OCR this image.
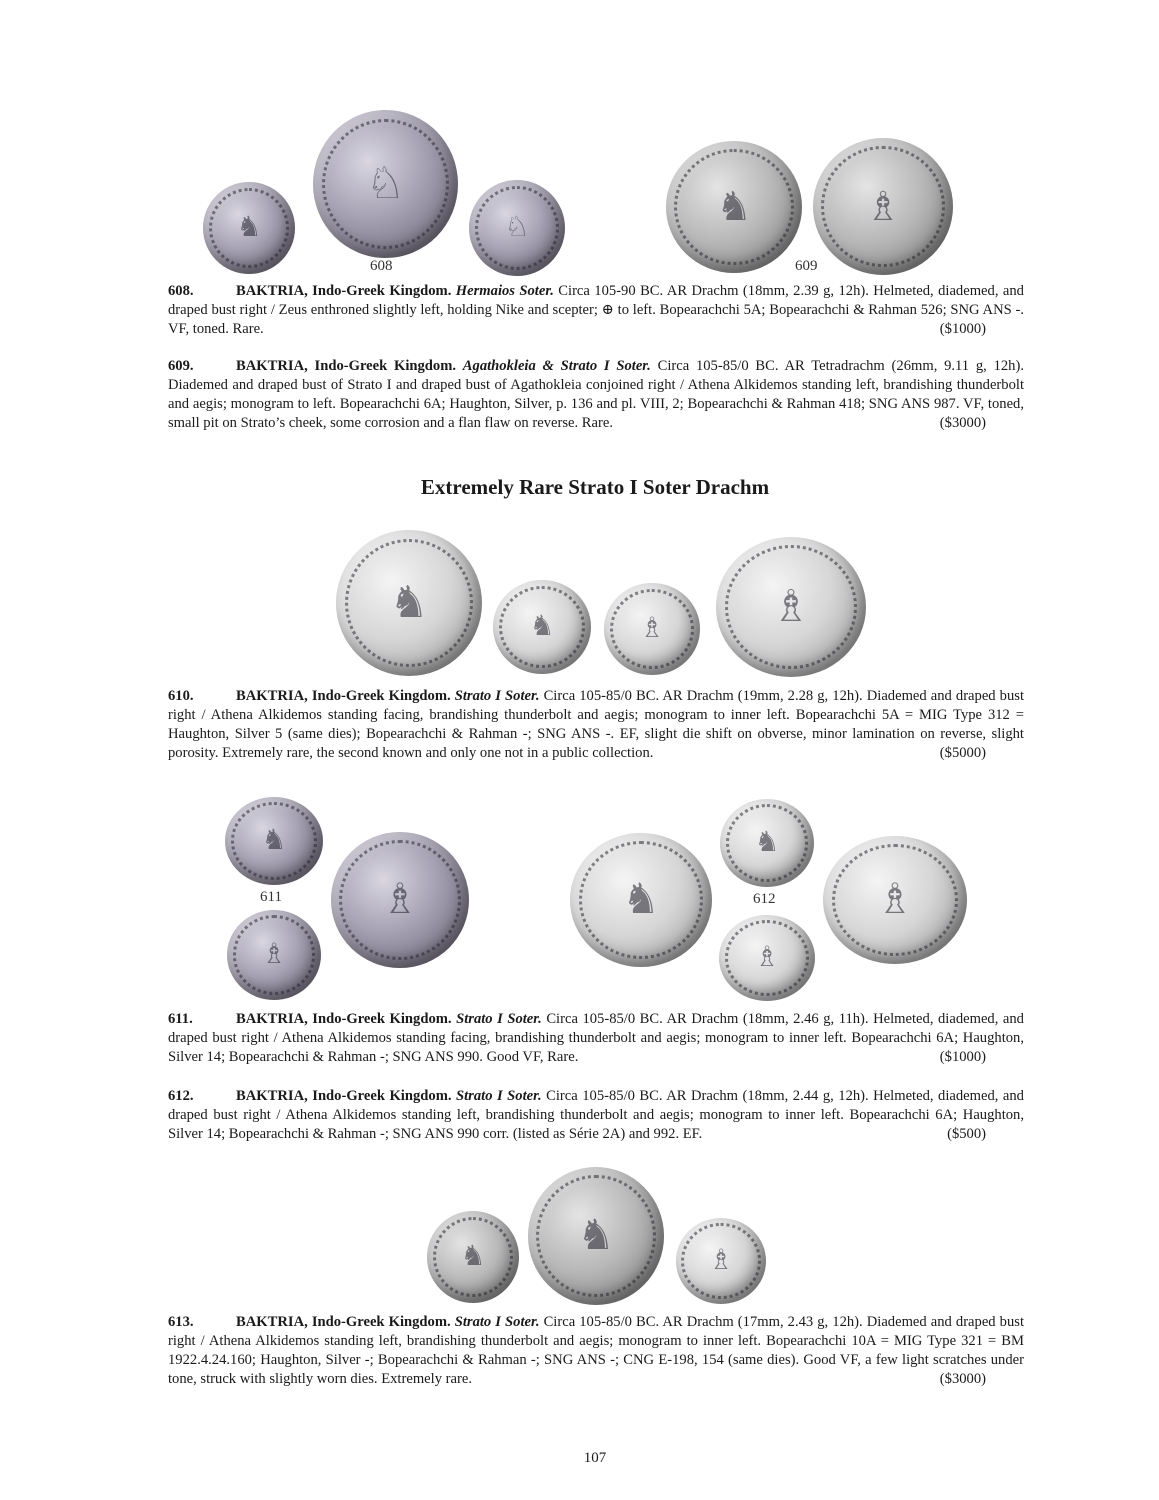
♞
♘
♘
608
♞	♗
609
608.	BAKTRIA, Indo-Greek Kingdom. Hermaios Soter. Circa 105-90 BC. AR Drachm (18mm, 2.39 g, 12h). Helmeted, diademed, and draped bust right / Zeus enthroned slightly left, holding Nike and scepter; ⊕ to left. Bopearachchi 5A; Bopearachchi & Rahman 526; SNG ANS -. VF, toned. Rare.	($1000)
609.	BAKTRIA, Indo-Greek Kingdom. Agathokleia & Strato I Soter. Circa 105-85/0 BC. AR Tetradrachm (26mm, 9.11 g, 12h). Diademed and draped bust of Strato I and draped bust of Agathokleia conjoined right / Athena Alkidemos standing left, brandishing thunderbolt and aegis; monogram to left. Bopearachchi 6A; Haughton, Silver, p. 136 and pl. VIII, 2; Bopearachchi & Rahman 418; SNG ANS 987. VF, toned, small pit on Strato’s cheek, some corrosion and a flan flaw on reverse. Rare.	($3000)
Extremely Rare Strato I Soter Drachm
♞	♞	♗ ♗
610.	BAKTRIA, Indo-Greek Kingdom. Strato I Soter. Circa 105-85/0 BC. AR Drachm (19mm, 2.28 g, 12h). Diademed and draped bust right / Athena Alkidemos standing facing, brandishing thunderbolt and aegis; monogram to inner left. Bopearachchi 5A = MIG Type 312 = Haughton, Silver 5 (same dies); Bopearachchi & Rahman -; SNG ANS -. EF, slight die shift on obverse, minor lamination on reverse, slight porosity. Extremely rare, the second known and only one not in a public collection.	($5000)
♞
611
♗
♗	♞
♞
612
♗
♗
611.	BAKTRIA, Indo-Greek Kingdom. Strato I Soter. Circa 105-85/0 BC. AR Drachm (18mm, 2.46 g, 11h). Helmeted, diademed, and draped bust right / Athena Alkidemos standing facing, brandishing thunderbolt and aegis; monogram to inner left. Bopearachchi 6A; Haughton, Silver 14; Bopearachchi & Rahman -; SNG ANS 990. Good VF, Rare.	($1000)
612.	BAKTRIA, Indo-Greek Kingdom. Strato I Soter. Circa 105-85/0 BC. AR Drachm (18mm, 2.44 g, 12h). Helmeted, diademed, and draped bust right / Athena Alkidemos standing left, brandishing thunderbolt and aegis; monogram to inner left. Bopearachchi 6A; Haughton, Silver 14; Bopearachchi & Rahman -; SNG ANS 990 corr. (listed as Série 2A) and 992. EF.	($500)
♞ ♞
♗
613.	BAKTRIA, Indo-Greek Kingdom. Strato I Soter. Circa 105-85/0 BC. AR Drachm (17mm, 2.43 g, 12h). Diademed and draped bust right / Athena Alkidemos standing left, brandishing thunderbolt and aegis; monogram to inner left. Bopearachchi 10A = MIG Type 321 = BM 1922.4.24.160; Haughton, Silver -; Bopearachchi & Rahman -; SNG ANS -; CNG E-198, 154 (same dies). Good VF, a few light scratches under tone, struck with slightly worn dies. Extremely rare.	($3000)
107
